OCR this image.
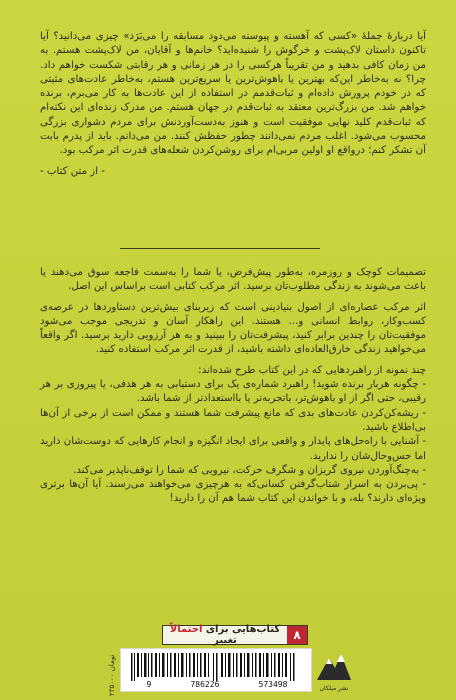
آیا دربارهٔ جملهٔ «کسی که آهسته و پیوسته می‌دود مسابقه را می‌بَرَد» چیزی می‌دانید؟ آیا تاکنون داستان لاک‌پشت و خرگوش را شنیده‌اید؟ خانم‌ها و آقایان، من لاک‌پشت هستم. به من زمان کافی بدهید و من تقریباً هرکسی را در هر زمانی و هر رقابتی شکست خواهم داد. چرا؟ نه به‌خاطر این‌که بهترین یا باهوش‌ترین یا سریع‌ترین هستم، به‌خاطر عادت‌های مثبتی که در خودم پرورش داده‌ام و ثبات‌قدمم در استفاده از این عادت‌ها به کار می‌برم، برنده خواهم شد. من بزرگ‌ترین معتقد به ثبات‌قدم در جهان هستم. من مدرک زنده‌ای این نکته‌ام که ثبات‌قدم کلید نهایی موفقیت است و هنوز به‌دست‌آوردنش برای مردم دشواری بزرگی محسوب می‌شود. اغلب مردم نمی‌دانند چطور حفظش کنند. من می‌دانم. باید از پدرم بابت آن تشکر کنم؛ درواقع او اولین مربی‌ام برای روشن‌کردن شعله‌های قدرت اثر مرکب بود.

- از متن کتاب -

تصمیمات کوچک و روزمره، به‌طور پیش‌فرض، یا شما را به‌سمت فاجعه سوق می‌دهند یا باعث می‌شوند به زندگی مطلوب‌تان برسید. اثر مرکب کتابی است براساس این اصل.

اثر مرکب عصاره‌ای از اصول بنیادینی است که زیربنای بیش‌ترین دستاوردها در عرصه‌ی کسب‌وکار، روابط انسانی و... هستند. این راهکار آسان و تدریجی موجب می‌شود موفقیت‌تان را چندین برابر کنید، پیشرفت‌تان را ببینید و به هر آرزویی دارید برسید. اگر واقعاً می‌خواهید زندگی خارق‌العاده‌ای داشته باشید، از قدرت اثر مرکب استفاده کنید.

چند نمونه از راهبردهایی که در این کتاب طرح شده‌اند:

- چگونه هربار برنده شوید! راهبرد شماره‌ی یک برای دستیابی به هر هدفی، یا پیروزی بر هر رقیبی، حتی اگر از او باهوش‌تر، باتجربه‌تر یا بااستعدادتر از شما باشد.

- ریشه‌کن‌کردن عادت‌های بدی که مانع پیشرفت شما هستند و ممکن است از برخی از آن‌ها بی‌اطلاع باشید.

- آشنایی با راه‌حل‌های پایدار و واقعی برای ایجاد انگیزه و انجام کارهایی که دوست‌شان دارید اما حس‌وحال‌شان را ندارید.

- به‌چنگ‌آوردن نیروی گریزان و شگرف حرکت، نیرویی که شما را توقف‌ناپذیر می‌کند.

- پی‌بردن به اسرار شتاب‌گرفتن کسانی‌که به هرچیزی می‌خواهند می‌رسند. آیا آن‌ها برتری ویژه‌ای دارند؟ بله، و با خواندن این کتاب شما هم آن را دارید!

۸
کتاب‌هایی برای احتمالاً تغییر
۲۳۵۰۰۰ تومان
9	786226	573498	نشر میلکان
